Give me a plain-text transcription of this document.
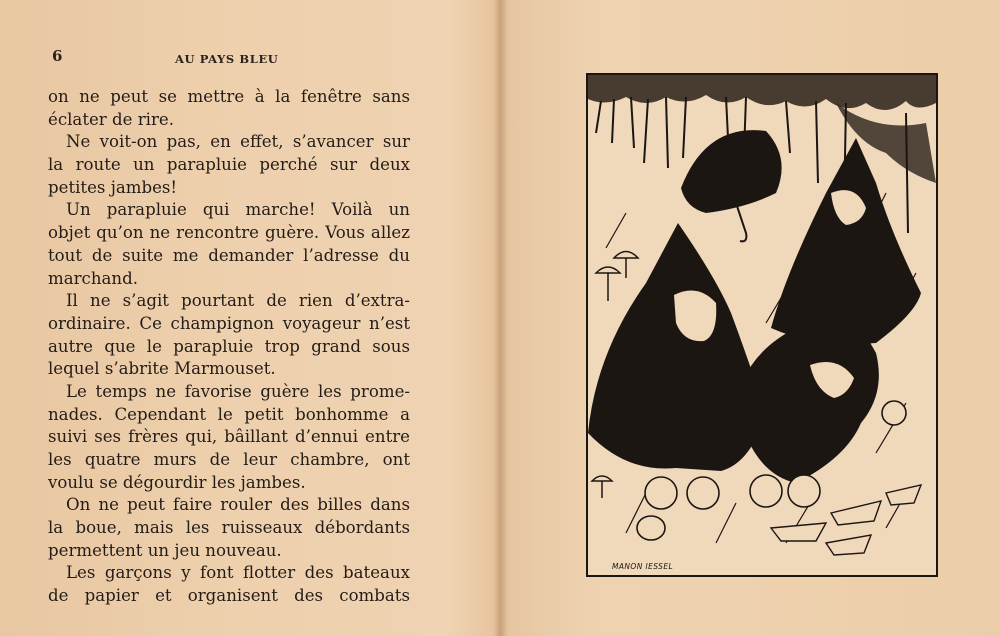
6	AU PAYS BLEU
on ne peut se mettre à la fenêtre sans
éclater de rire.
Ne voit-on pas, en effet, s’avancer sur
la route un parapluie perché sur deux
petites jambes!
Un parapluie qui marche! Voilà un
objet qu’on ne rencontre guère. Vous allez
tout de suite me demander l’adresse du
marchand.
Il ne s’agit pourtant de rien d’extra-
ordinaire. Ce champignon voyageur n’est
autre que le parapluie trop grand sous
lequel s’abrite Marmouset.
Le temps ne favorise guère les prome-
nades. Cependant le petit bonhomme a
suivi ses frères qui, bâillant d’ennui entre
les quatre murs de leur chambre, ont
voulu se dégourdir les jambes.
On ne peut faire rouler des billes dans
la boue, mais les ruisseaux débordants
permettent un jeu nouveau.
Les garçons y font flotter des bateaux
de papier et organisent des combats
MANON IESSEL
